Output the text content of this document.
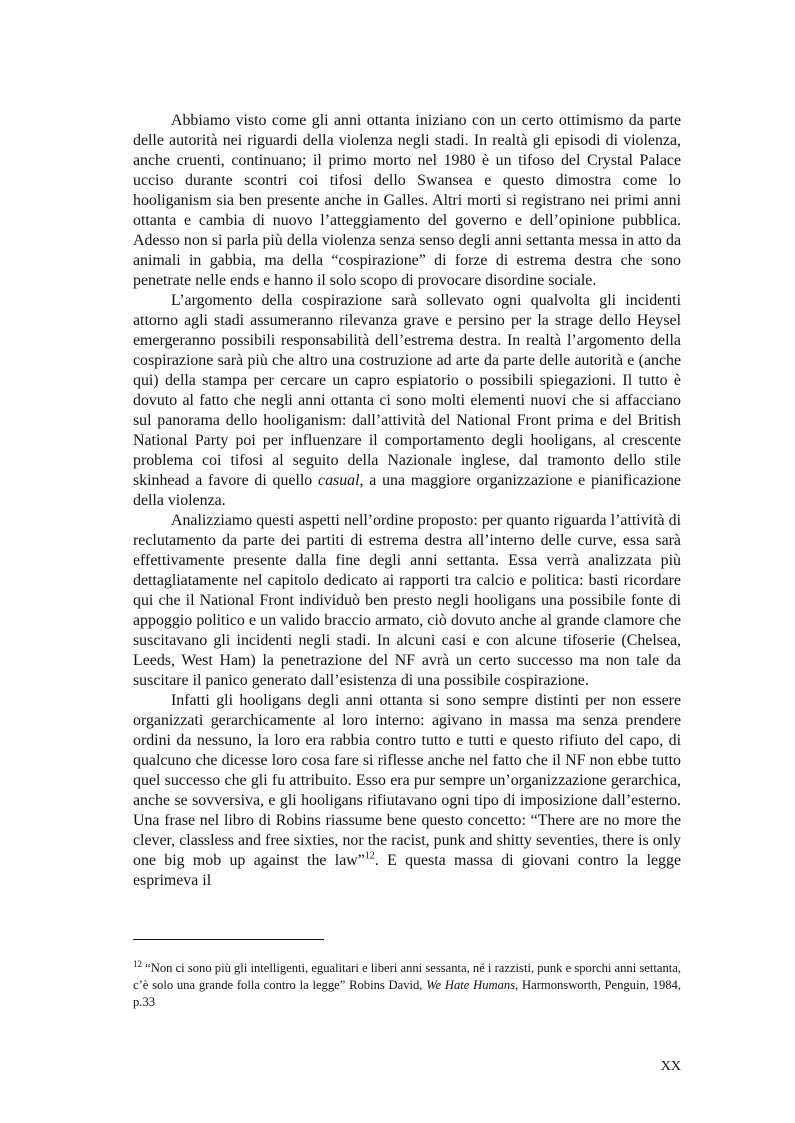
Abbiamo visto come gli anni ottanta iniziano con un certo ottimismo da parte delle autorità nei riguardi della violenza negli stadi. In realtà gli episodi di violenza, anche cruenti, continuano; il primo morto nel 1980 è un tifoso del Crystal Palace ucciso durante scontri coi tifosi dello Swansea e questo dimostra come lo hooliganism sia ben presente anche in Galles. Altri morti si registrano nei primi anni ottanta e cambia di nuovo l’atteggiamento del governo e dell’opinione pubblica. Adesso non si parla più della violenza senza senso degli anni settanta messa in atto da animali in gabbia, ma della “cospirazione” di forze di estrema destra che sono penetrate nelle ends e hanno il solo scopo di provocare disordine sociale.

L’argomento della cospirazione sarà sollevato ogni qualvolta gli incidenti attorno agli stadi assumeranno rilevanza grave e persino per la strage dello Heysel emergeranno possibili responsabilità dell’estrema destra. In realtà l’argomento della cospirazione sarà più che altro una costruzione ad arte da parte delle autorità e (anche qui) della stampa per cercare un capro espiatorio o possibili spiegazioni. Il tutto è dovuto al fatto che negli anni ottanta ci sono molti elementi nuovi che si affacciano sul panorama dello hooliganism: dall’attività del National Front prima e del British National Party poi per influenzare il comportamento degli hooligans, al crescente problema coi tifosi al seguito della Nazionale inglese, dal tramonto dello stile skinhead a favore di quello casual, a una maggiore organizzazione e pianificazione della violenza.

Analizziamo questi aspetti nell’ordine proposto: per quanto riguarda l’attività di reclutamento da parte dei partiti di estrema destra all’interno delle curve, essa sarà effettivamente presente dalla fine degli anni settanta. Essa verrà analizzata più dettagliatamente nel capitolo dedicato ai rapporti tra calcio e politica: basti ricordare qui che il National Front individuò ben presto negli hooligans una possibile fonte di appoggio politico e un valido braccio armato, ciò dovuto anche al grande clamore che suscitavano gli incidenti negli stadi. In alcuni casi e con alcune tifoserie (Chelsea, Leeds, West Ham) la penetrazione del NF avrà un certo successo ma non tale da suscitare il panico generato dall’esistenza di una possibile cospirazione.

Infatti gli hooligans degli anni ottanta si sono sempre distinti per non essere organizzati gerarchicamente al loro interno: agivano in massa ma senza prendere ordini da nessuno, la loro era rabbia contro tutto e tutti e questo rifiuto del capo, di qualcuno che dicesse loro cosa fare si riflesse anche nel fatto che il NF non ebbe tutto quel successo che gli fu attribuito. Esso era pur sempre un’organizzazione gerarchica, anche se sovversiva, e gli hooligans rifiutavano ogni tipo di imposizione dall’esterno. Una frase nel libro di Robins riassume bene questo concetto: “There are no more the clever, classless and free sixties, nor the racist, punk and shitty seventies, there is only one big mob up against the law”$^{12}$. E questa massa di giovani contro la legge esprimeva il

$^{12}$ “Non ci sono più gli intelligenti, egualitari e liberi anni sessanta, né i razzisti, punk e sporchi anni settanta, c’è solo una grande folla contro la legge” Robins David, We Hate Humans, Harmonsworth, Penguin, 1984, p.33

XX
